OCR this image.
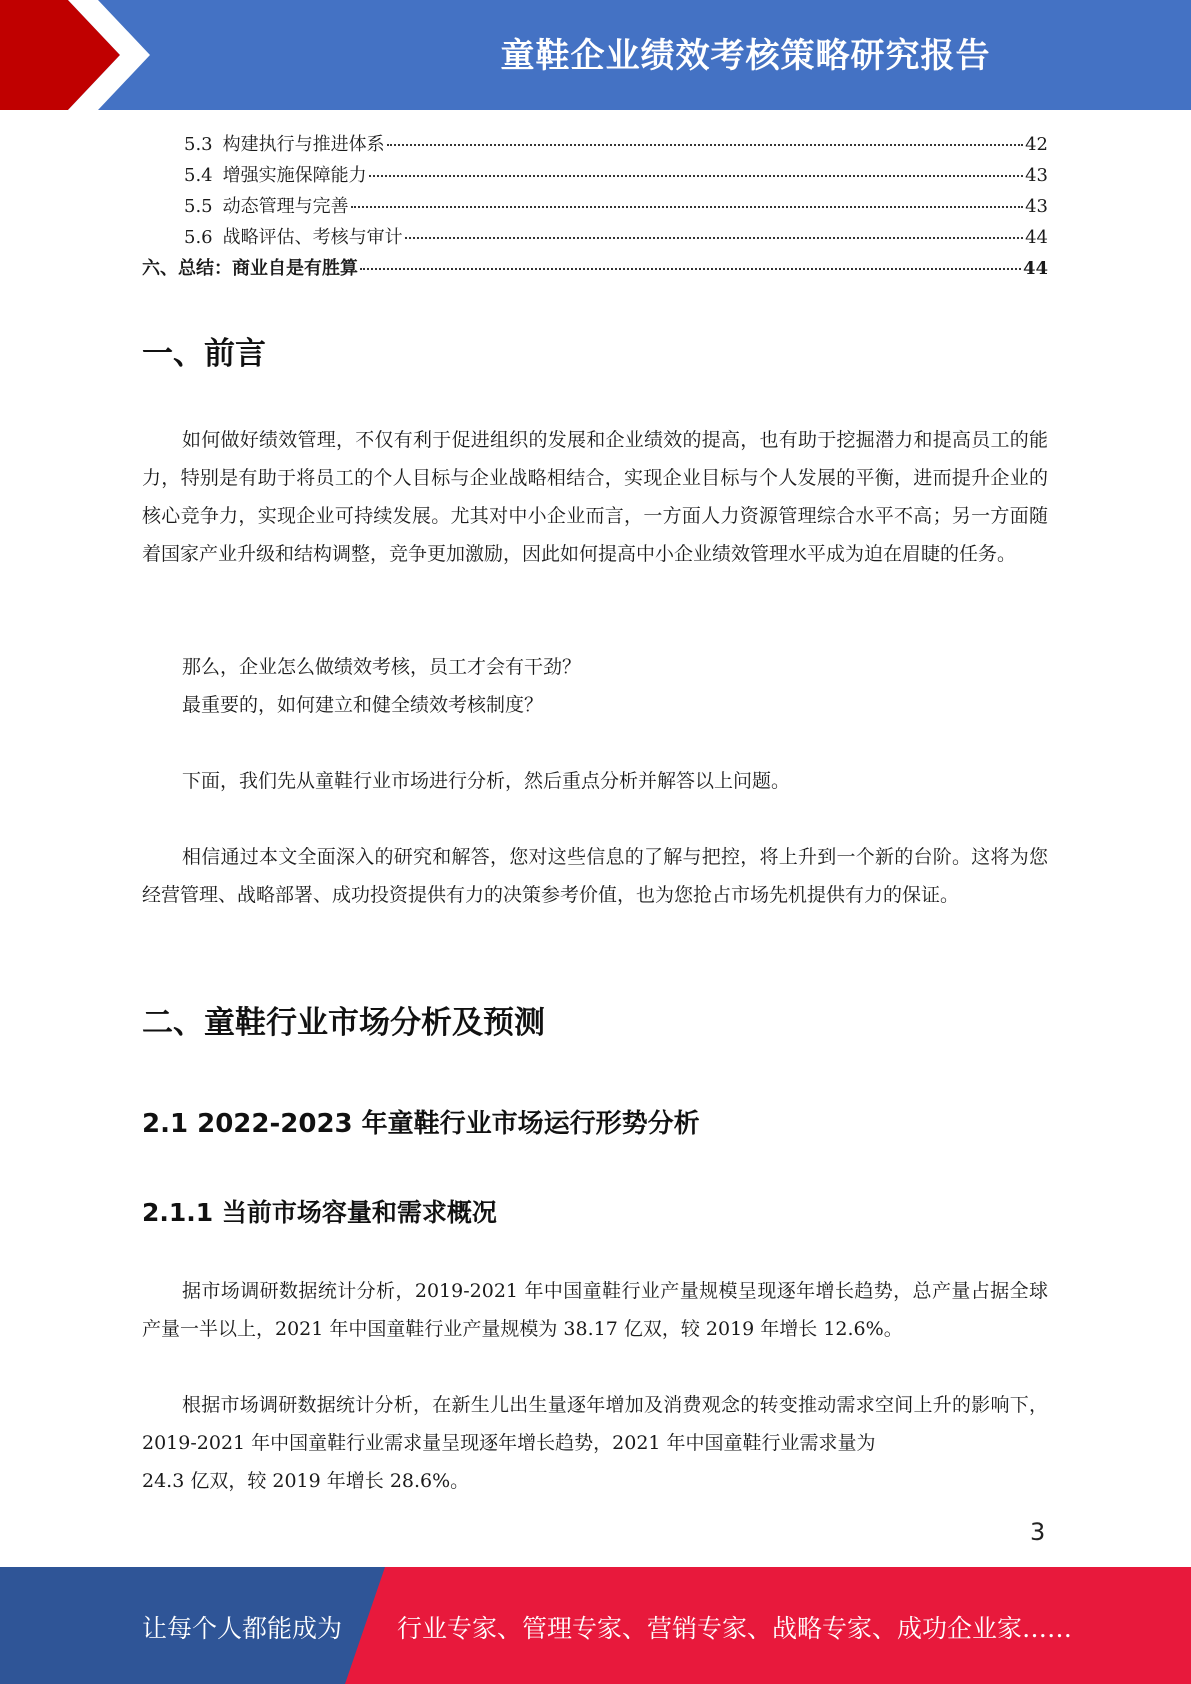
童鞋企业绩效考核策略研究报告
5.3 构建执行与推进体系	42
5.4 增强实施保障能力	43
5.5 动态管理与完善	43
5.6 战略评估、考核与审计	44
六、总结：商业自是有胜算	44
一、前言

如何做好绩效管理，不仅有利于促进组织的发展和企业绩效的提高，也有助于挖掘潜力和提高员工的能力，特别是有助于将员工的个人目标与企业战略相结合，实现企业目标与个人发展的平衡，进而提升企业的核心竞争力，实现企业可持续发展。尤其对中小企业而言，一方面人力资源管理综合水平不高；另一方面随着国家产业升级和结构调整，竞争更加激励，因此如何提高中小企业绩效管理水平成为迫在眉睫的任务。

那么，企业怎么做绩效考核，员工才会有干劲？
最重要的，如何建立和健全绩效考核制度？

下面，我们先从童鞋行业市场进行分析，然后重点分析并解答以上问题。

相信通过本文全面深入的研究和解答，您对这些信息的了解与把控，将上升到一个新的台阶。这将为您经营管理、战略部署、成功投资提供有力的决策参考价值，也为您抢占市场先机提供有力的保证。

二、童鞋行业市场分析及预测
2.1 2022-2023 年童鞋行业市场运行形势分析
2.1.1 当前市场容量和需求概况

据市场调研数据统计分析，2019-2021 年中国童鞋行业产量规模呈现逐年增长趋势，总产量占据全球产量一半以上，2021 年中国童鞋行业产量规模为 38.17 亿双，较 2019 年增长 12.6%。

根据市场调研数据统计分析，在新生儿出生量逐年增加及消费观念的转变推动需求空间上升的影响下，2019-2021 年中国童鞋行业需求量呈现逐年增长趋势，2021 年中国童鞋行业需求量为

24.3 亿双，较 2019 年增长 28.6%。
3
让每个人都能成为 行业专家、管理专家、营销专家、战略专家、成功企业家……
